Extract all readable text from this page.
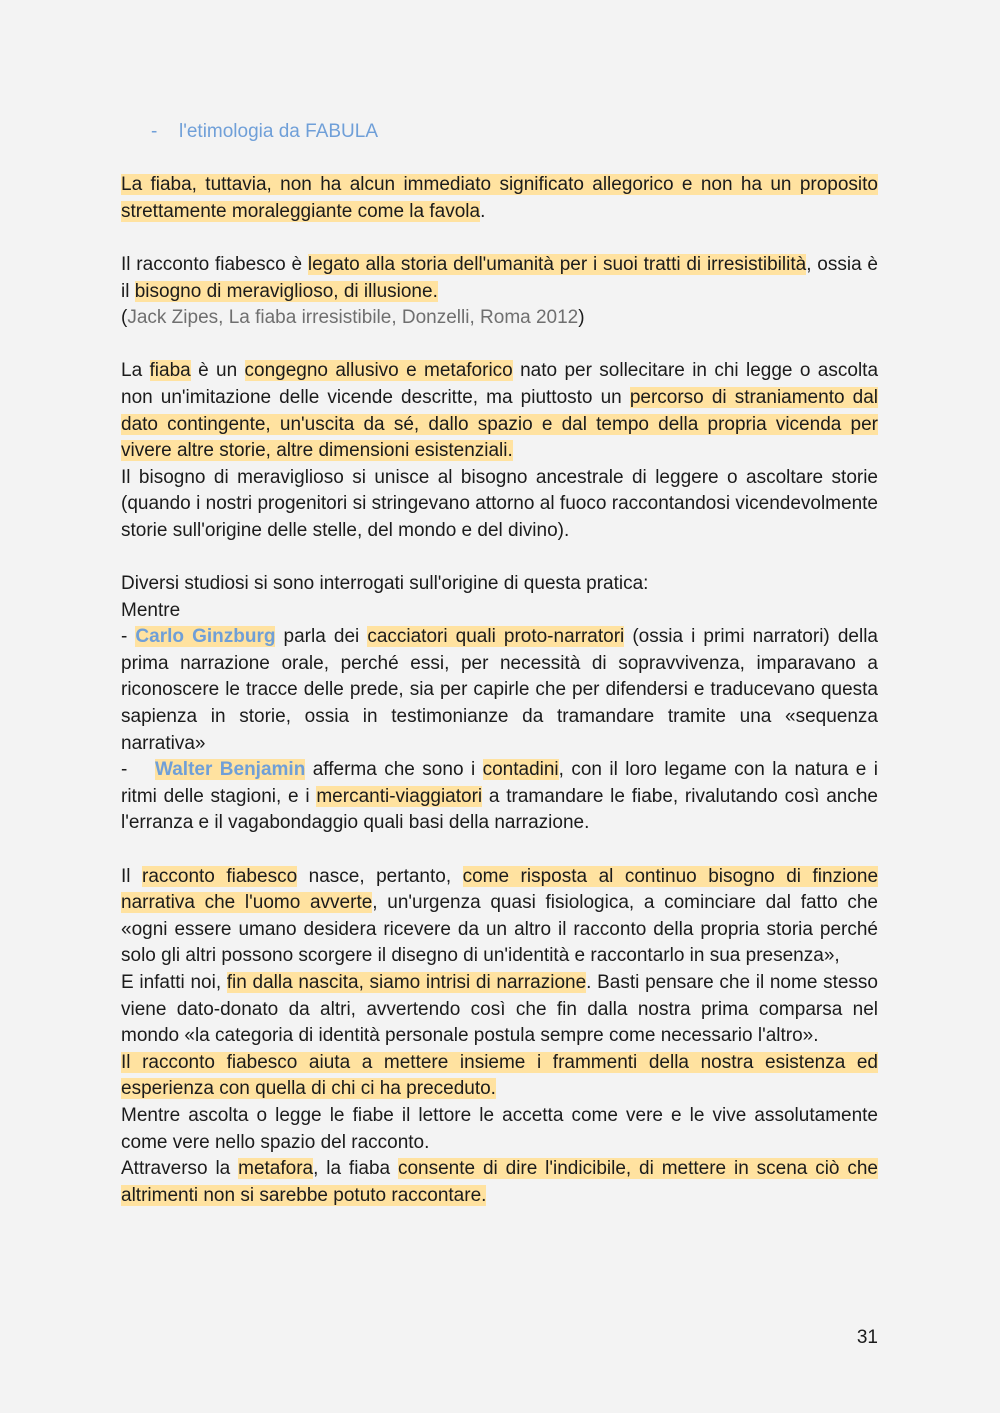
- l'etimologia da FABULA

La fiaba, tuttavia, non ha alcun immediato significato allegorico e non ha un proposito strettamente moraleggiante come la favola.

Il racconto fiabesco è legato alla storia dell'umanità per i suoi tratti di irresistibilità, ossia è il bisogno di meraviglioso, di illusione.

(Jack Zipes, La fiaba irresistibile, Donzelli, Roma 2012)

La fiaba è un congegno allusivo e metaforico nato per sollecitare in chi legge o ascolta non un'imitazione delle vicende descritte, ma piuttosto un percorso di straniamento dal dato contingente, un'uscita da sé, dallo spazio e dal tempo della propria vicenda per vivere altre storie, altre dimensioni esistenziali.

Il bisogno di meraviglioso si unisce al bisogno ancestrale di leggere o ascoltare storie (quando i nostri progenitori si stringevano attorno al fuoco raccontandosi vicendevolmente storie sull'origine delle stelle, del mondo e del divino).

Diversi studiosi si sono interrogati sull'origine di questa pratica:

Mentre

- Carlo Ginzburg parla dei cacciatori quali proto-narratori (ossia i primi narratori) della prima narrazione orale, perché essi, per necessità di sopravvivenza, imparavano a riconoscere le tracce delle prede, sia per capirle che per difendersi e traducevano questa sapienza in storie, ossia in testimonianze da tramandare tramite una «sequenza narrativa»

- Walter Benjamin afferma che sono i contadini, con il loro legame con la natura e i ritmi delle stagioni, e i mercanti-viaggiatori a tramandare le fiabe, rivalutando così anche l'erranza e il vagabondaggio quali basi della narrazione.

Il racconto fiabesco nasce, pertanto, come risposta al continuo bisogno di finzione narrativa che l'uomo avverte, un'urgenza quasi fisiologica, a cominciare dal fatto che «ogni essere umano desidera ricevere da un altro il racconto della propria storia perché solo gli altri possono scorgere il disegno di un'identità e raccontarlo in sua presenza»,

E infatti noi, fin dalla nascita, siamo intrisi di narrazione. Basti pensare che il nome stesso viene dato-donato da altri, avvertendo così che fin dalla nostra prima comparsa nel mondo «la categoria di identità personale postula sempre come necessario l'altro».

Il racconto fiabesco aiuta a mettere insieme i frammenti della nostra esistenza ed esperienza con quella di chi ci ha preceduto.

Mentre ascolta o legge le fiabe il lettore le accetta come vere e le vive assolutamente come vere nello spazio del racconto.

Attraverso la metafora, la fiaba consente di dire l'indicibile, di mettere in scena ciò che altrimenti non si sarebbe potuto raccontare.

31
